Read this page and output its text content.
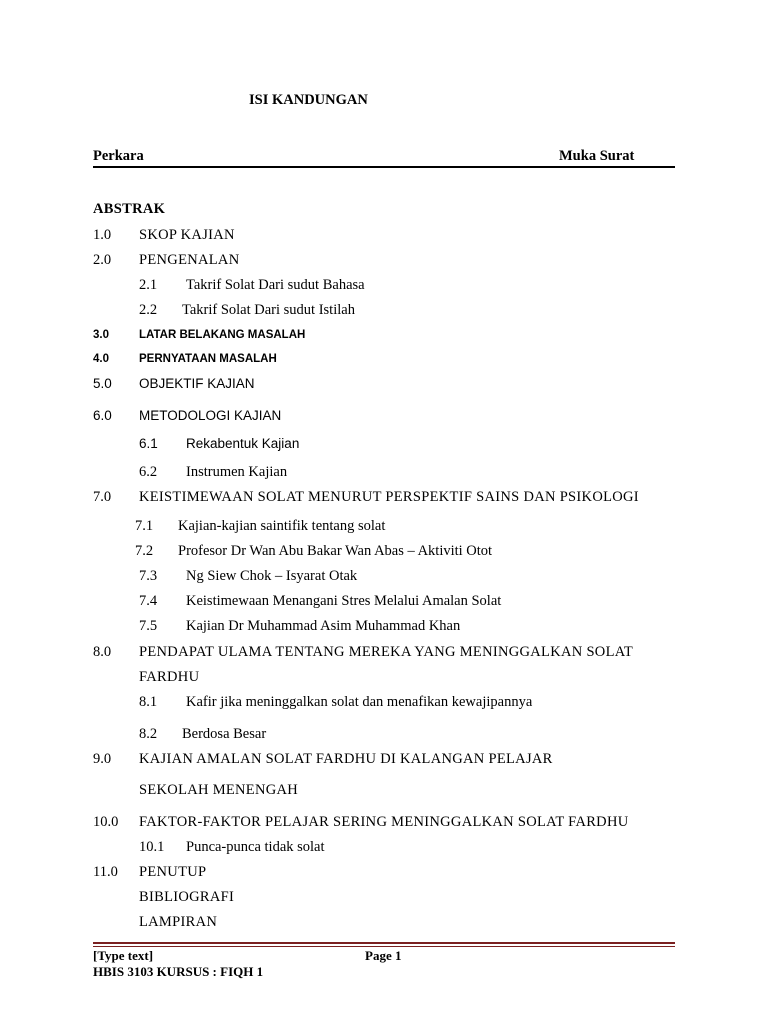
ISI KANDUNGAN
Perkara	Muka Surat
ABSTRAK
1.0 SKOP KAJIAN
2.0 PENGENALAN
2.1 Takrif Solat Dari sudut Bahasa
2.2 Takrif Solat Dari sudut Istilah
3.0	LATAR BELAKANG MASALAH
4.0	PERNYATAAN MASALAH
5.0 OBJEKTIF KAJIAN
6.0 METODOLOGI KAJIAN
6.1 Rekabentuk Kajian
6.2 Instrumen Kajian
7.0 KEISTIMEWAAN SOLAT MENURUT PERSPEKTIF SAINS DAN PSIKOLOGI
7.1 Kajian-kajian saintifik tentang solat
7.2 Profesor Dr Wan Abu Bakar Wan Abas – Aktiviti Otot
7.3 Ng Siew Chok – Isyarat Otak
7.4 Keistimewaan Menangani Stres Melalui Amalan Solat
7.5 Kajian Dr Muhammad Asim Muhammad Khan
8.0 PENDAPAT ULAMA TENTANG MEREKA YANG MENINGGALKAN SOLAT
FARDHU
8.1 Kafir jika meninggalkan solat dan menafikan kewajipannya
8.2 Berdosa Besar
9.0 KAJIAN AMALAN SOLAT FARDHU DI KALANGAN PELAJAR
SEKOLAH MENENGAH
10.0 FAKTOR-FAKTOR PELAJAR SERING MENINGGALKAN SOLAT FARDHU
10.1 Punca-punca tidak solat
11.0 PENUTUP
BIBLIOGRAFI
LAMPIRAN
[Type text]	Page 1
HBIS 3103 KURSUS : FIQH 1
